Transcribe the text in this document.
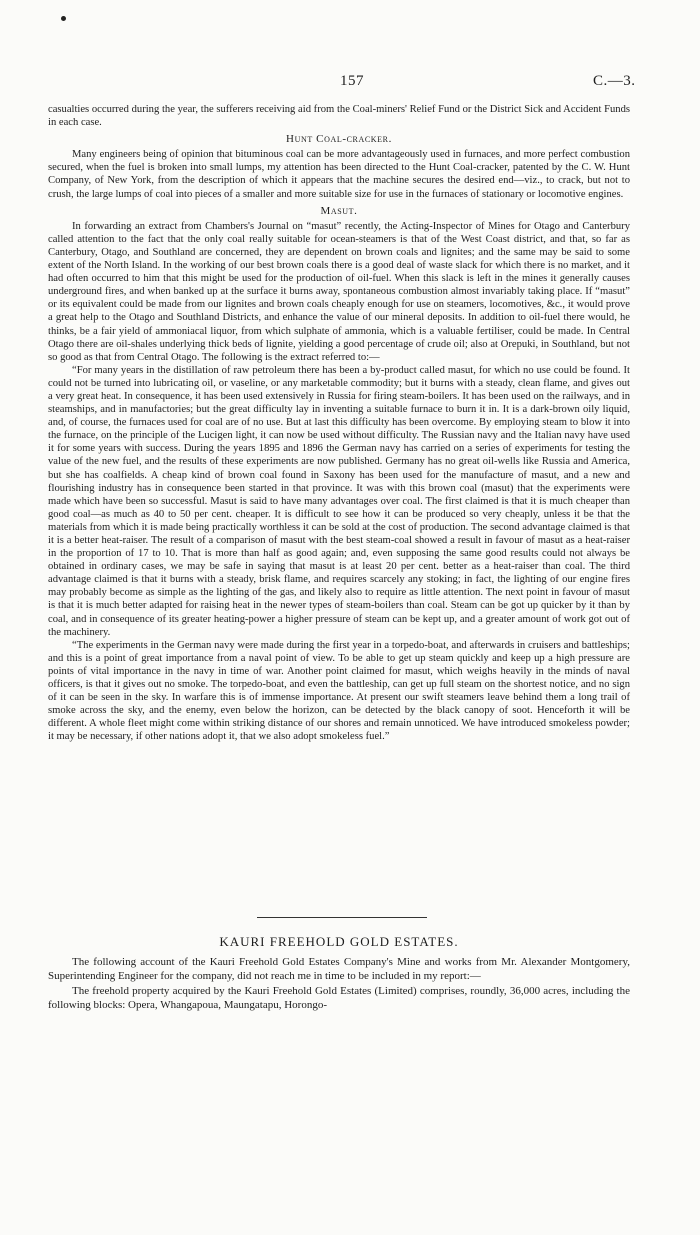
157	C.—3.

casualties occurred during the year, the sufferers receiving aid from the Coal-miners' Relief Fund or the District Sick and Accident Funds in each case.

Hunt Coal-cracker.

Many engineers being of opinion that bituminous coal can be more advantageously used in furnaces, and more perfect combustion secured, when the fuel is broken into small lumps, my attention has been directed to the Hunt Coal-cracker, patented by the C. W. Hunt Company, of New York, from the description of which it appears that the machine secures the desired end—viz., to crack, but not to crush, the large lumps of coal into pieces of a smaller and more suitable size for use in the furnaces of stationary or locomotive engines.

Masut.

In forwarding an extract from Chambers's Journal on “masut” recently, the Acting-Inspector of Mines for Otago and Canterbury called attention to the fact that the only coal really suitable for ocean-steamers is that of the West Coast district, and that, so far as Canterbury, Otago, and Southland are concerned, they are dependent on brown coals and lignites; and the same may be said to some extent of the North Island. In the working of our best brown coals there is a good deal of waste slack for which there is no market, and it had often occurred to him that this might be used for the production of oil-fuel. When this slack is left in the mines it generally causes underground fires, and when banked up at the surface it burns away, spontaneous combustion almost invariably taking place. If “masut” or its equivalent could be made from our lignites and brown coals cheaply enough for use on steamers, locomotives, &c., it would prove a great help to the Otago and Southland Districts, and enhance the value of our mineral deposits. In addition to oil-fuel there would, he thinks, be a fair yield of ammoniacal liquor, from which sulphate of ammonia, which is a valuable fertiliser, could be made. In Central Otago there are oil-shales underlying thick beds of lignite, yielding a good percentage of crude oil; also at Orepuki, in Southland, but not so good as that from Central Otago. The following is the extract referred to:—

“For many years in the distillation of raw petroleum there has been a by-product called masut, for which no use could be found. It could not be turned into lubricating oil, or vaseline, or any marketable commodity; but it burns with a steady, clean flame, and gives out a very great heat. In consequence, it has been used extensively in Russia for firing steam-boilers. It has been used on the railways, and in steamships, and in manufactories; but the great difficulty lay in inventing a suitable furnace to burn it in. It is a dark-brown oily liquid, and, of course, the furnaces used for coal are of no use. But at last this difficulty has been overcome. By employing steam to blow it into the furnace, on the principle of the Lucigen light, it can now be used without difficulty. The Russian navy and the Italian navy have used it for some years with success. During the years 1895 and 1896 the German navy has carried on a series of experiments for testing the value of the new fuel, and the results of these experiments are now published. Germany has no great oil-wells like Russia and America, but she has coalfields. A cheap kind of brown coal found in Saxony has been used for the manufacture of masut, and a new and flourishing industry has in consequence been started in that province. It was with this brown coal (masut) that the experiments were made which have been so successful. Masut is said to have many advantages over coal. The first claimed is that it is much cheaper than good coal—as much as 40 to 50 per cent. cheaper. It is difficult to see how it can be produced so very cheaply, unless it be that the materials from which it is made being practically worthless it can be sold at the cost of production. The second advantage claimed is that it is a better heat-raiser. The result of a comparison of masut with the best steam-coal showed a result in favour of masut as a heat-raiser in the proportion of 17 to 10. That is more than half as good again; and, even supposing the same good results could not always be obtained in ordinary cases, we may be safe in saying that masut is at least 20 per cent. better as a heat-raiser than coal. The third advantage claimed is that it burns with a steady, brisk flame, and requires scarcely any stoking; in fact, the lighting of our engine fires may probably become as simple as the lighting of the gas, and likely also to require as little attention. The next point in favour of masut is that it is much better adapted for raising heat in the newer types of steam-boilers than coal. Steam can be got up quicker by it than by coal, and in consequence of its greater heating-power a higher pressure of steam can be kept up, and a greater amount of work got out of the machinery.

“The experiments in the German navy were made during the first year in a torpedo-boat, and afterwards in cruisers and battleships; and this is a point of great importance from a naval point of view. To be able to get up steam quickly and keep up a high pressure are points of vital importance in the navy in time of war. Another point claimed for masut, which weighs heavily in the minds of naval officers, is that it gives out no smoke. The torpedo-boat, and even the battleship, can get up full steam on the shortest notice, and no sign of it can be seen in the sky. In warfare this is of immense importance. At present our swift steamers leave behind them a long trail of smoke across the sky, and the enemy, even below the horizon, can be detected by the black canopy of soot. Henceforth it will be different. A whole fleet might come within striking distance of our shores and remain unnoticed. We have introduced smokeless powder; it may be necessary, if other nations adopt it, that we also adopt smokeless fuel.”

KAURI FREEHOLD GOLD ESTATES.

The following account of the Kauri Freehold Gold Estates Company's Mine and works from Mr. Alexander Montgomery, Superintending Engineer for the company, did not reach me in time to be included in my report:—

The freehold property acquired by the Kauri Freehold Gold Estates (Limited) comprises, roundly, 36,000 acres, including the following blocks: Opera, Whangapoua, Maungatapu, Horongo-
